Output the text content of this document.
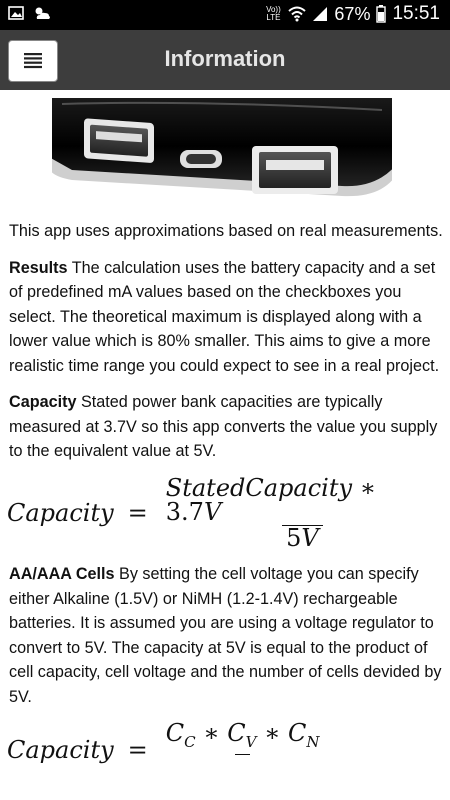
Vo)) LTE	67% 15:51
Information

This app uses approximations based on real measurements.

Results The calculation uses the battery capacity and a set of predefined mA values based on the checkboxes you select. The theoretical maximum is displayed along with a lower value which is 80% smaller. This aims to give a more realistic time range you could expect to see in a real project.

Capacity Stated power bank capacities are typically measured at 3.7V so this app converts the value you supply to the equivalent value at 5V.

Capacity = $\frac{\text{StatedCapacity ∗ 3.7V}}{5V}$

AA/AAA Cells By setting the cell voltage you can specify either Alkaline (1.5V) or NiMH (1.2-1.4V) rechargeable batteries. It is assumed you are using a voltage regulator to convert to 5V. The capacity at 5V is equal to the product of cell capacity, cell voltage and the number of cells devided by 5V.

Capacity =
$C_C$ ∗ $C_V$ ∗ $C_N$
